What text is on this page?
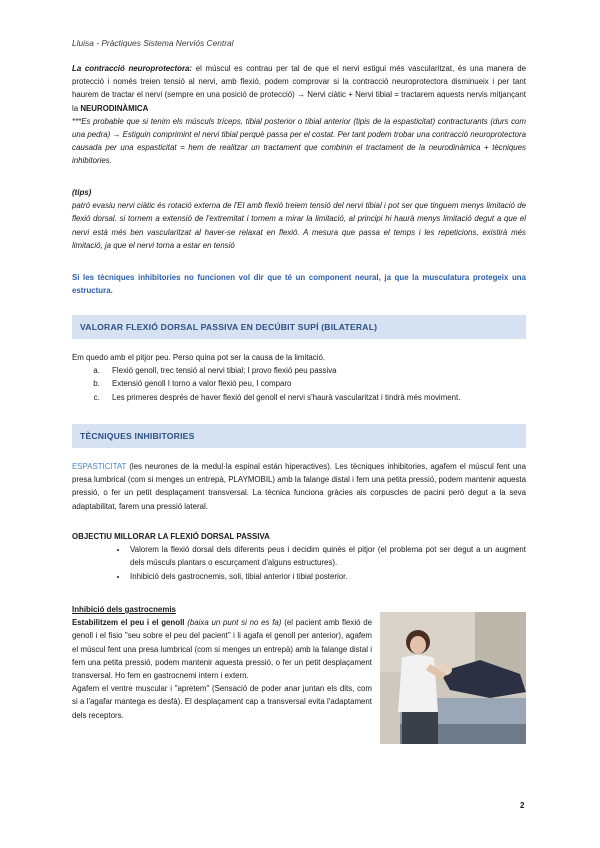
Lluisa - Pràctiques Sistema Nerviós Central

La contracció neuroprotectora: el múscul es contrau per tal de que el nervi estigui més vascularitzat, és una manera de protecció i només treien tensió al nervi, amb flexió, podem comprovar si la contracció neuroprotectora disminueix i per tant haurem de tractar el nervi (sempre en una posició de protecció) → Nervi ciàtic + Nervi tibial = tractarem aquests nervis mitjançant la NEURODINÀMICA

***Es probable que si tenim els músculs tríceps, tibial posterior o tibial anterior (tipis de la espasticitat) contracturants (durs com una pedra) → Estiguin comprimint el nervi tibial perquè passa per el costat. Per tant podem trobar una contracció neuroprotectora causada per una espasticitat = hem de realitzar un tractament que combinin el tractament de la neurodinàmica + tècniques inhibitories.

(tips)

patró evasiu nervi ciàtic és rotació externa de l'EI amb flexió treiem tensió del nervi tibial i pot ser que tinguem menys limitació de flexió dorsal. si tornem a extensió de l'extremitat i tornem a mirar la limitació, al principi hi haurà menys limitació degut a que el nervi està més ben vascularitzat al haver-se relaxat en flexió. A mesura que passa el temps i les repeticions, existirà més limitació, ja que el nervi torna a estar en tensió

Si les tècniques inhibitories no funcionen vol dir que té un component neural, ja que la musculatura protegeix una estructura.
VALORAR FLEXIÓ DORSAL PASSIVA EN DECÚBIT SUPÍ (BILATERAL)

Em quedo amb el pitjor peu. Perso quina pot ser la causa de la limitació.

a. Flexió genoll, trec tensió al nervi tibial; I provo flexió peu passiva
b. Extensió genoll I torno a valor flexió peu, I comparo
c. Les primeres després de haver flexió del genoll el nervi s'haurà vascularitzat i tindrà més moviment.
TÈCNIQUES INHIBITORIES

ESPASTICITAT (les neurones de la medul·la espinal están hiperactives). Les tècniques inhibitories, agafem el múscul fent una presa lumbrical (com si menges un entrepà, PLAYMOBIL) amb la falange distal i fem una petita pressió, podem mantenir aquesta pressió, o fer un petit desplaçament transversal. La tècnica funciona gràcies als corpuscles de pacini però degut a la seva adaptabilitat, farem una pressió lateral.

OBJECTIU MILLORAR LA FLEXIÓ DORSAL PASSIVA

• Valorem la flexió dorsal dels diferents peus i decidim quinés el pitjor (el problema pot ser degut a un augment dels músculs plantars o escurçament d'alguns estructures).
• Inhibició dels gastrocnemis, soli, tibial anterior i tibial posterior.

Inhibició dels gastrocnemis

Estabilitzem el peu i el genoll (baixa un punt si no es fa) (el pacient amb flexió de genoll i el fisio "seu sobre el peu del pacient" i li agafa el genoll per anterior), agafem el múscul fent una presa lumbrical (com si menges un entrepà) amb la falange distal i fem una petita pressió, podem mantenir aquesta pressió, o fer un petit desplaçament transversal. Ho fem en gastrocnemi intern i extern.

Agafem el ventre muscular i "apretem" (Sensació de poder anar juntan els dits, com si a l'agafar mantega es desfà). El desplaçament cap a transversal evita l'adaptament dels receptors.

2
